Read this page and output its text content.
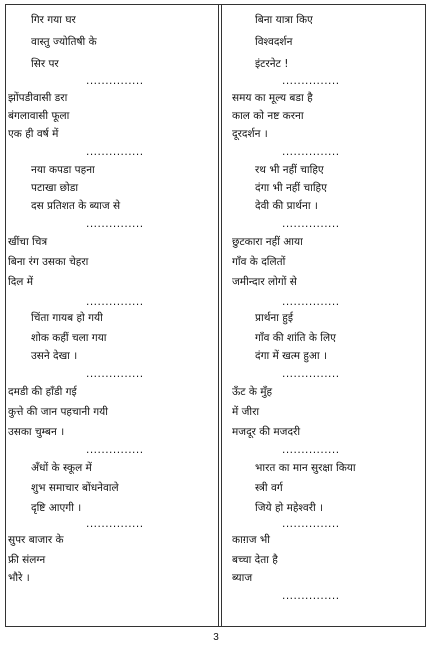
गिर गया घर
वास्तु ज्योतिषी के
सिर पर
...............
झोंपडीवासी डरा
बंगलावासी फूला
एक ही वर्ष में
...............
नया कपडा पहना
पटाखा छोडा
दस प्रतिशत के ब्याज से
...............
खींचा चित्र
बिना रंग उसका चेहरा
दिल में
...............
चिंता गायब हो गयी
शोक कहीं चला गया
उसने देखा ।
...............
दमडी की हाँडी गई
कुत्ते की जान पहचानी गयी
उसका चुम्बन ।
...............
अँधों के स्कूल में
शुभ समाचार बोंधनेवाले
दृष्टि आएगी ।
...............
सुपर बाजार के
फ्री संलग्न
भौरे ।
बिना यात्रा किए
विश्वदर्शन
इंटरनेट !
...............
समय का मूल्य बडा है
काल को नष्ट करना
दूरदर्शन ।
...............
रथ भी नहीं चाहिए
दंगा भी नहीं चाहिए
देवी की प्रार्थना ।
...............
छुटकारा नहीं आया
गाँव के दलितों
जमीन्दार लोगों से
...............
प्रार्थना हुई
गाँव की शांति के लिए
दंगा में खत्म हुआ ।
...............
ऊँट के मुँह
में जीरा
मजदूर की मजदरी
...............
भारत का मान सुरक्षा किया
स्त्री वर्ग
जिये हो महेश्वरी ।
...............
काग़ज भी
बच्चा देता है
ब्याज
...............
3
